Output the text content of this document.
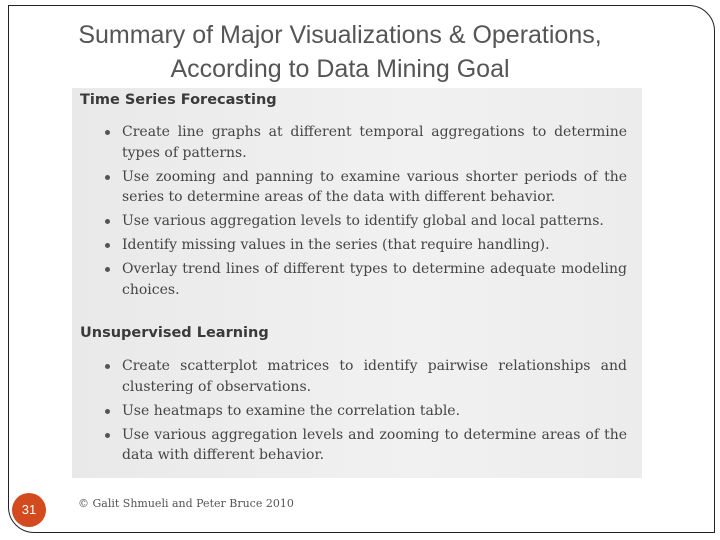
Summary of Major Visualizations & Operations,
According to Data Mining Goal
Time Series Forecasting
Create line graphs at different temporal aggregations to determine types of patterns.
Use zooming and panning to examine various shorter periods of the series to determine areas of the data with different behavior.
Use various aggregation levels to identify global and local patterns.
Identify missing values in the series (that require handling).
Overlay trend lines of different types to determine adequate modeling choices.
Unsupervised Learning
Create scatterplot matrices to identify pairwise relationships and clustering of observations.
Use heatmaps to examine the correlation table.
Use various aggregation levels and zooming to determine areas of the data with different behavior.
31	© Galit Shmueli and Peter Bruce 2010
